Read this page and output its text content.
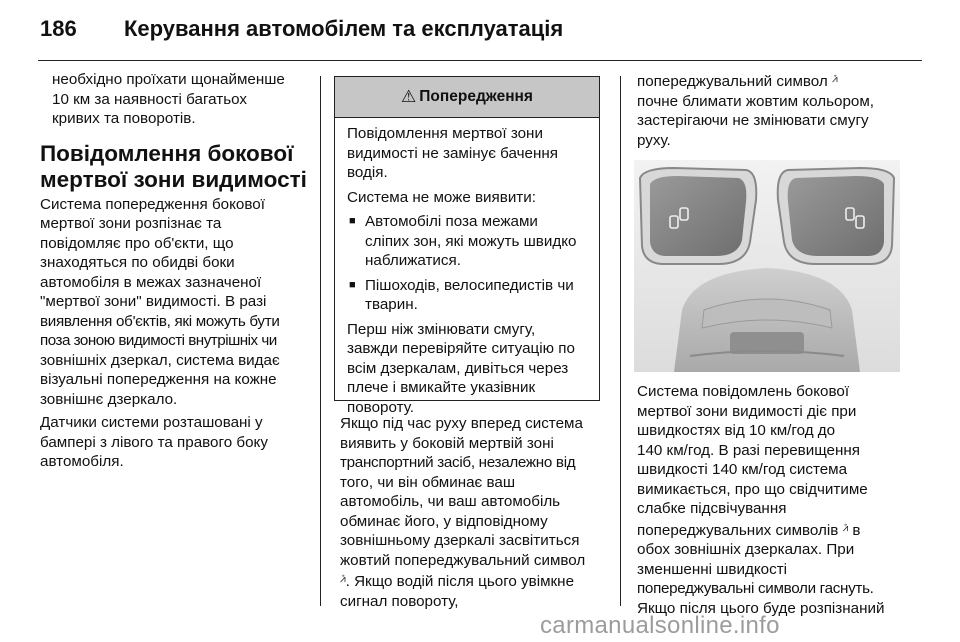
186	Керування автомобілем та експлуатація

необхідно проїхати щонайменше

10 км за наявності багатьох

кривих та поворотів.

Повідомлення бокової
мертвої зони видимості

Система попередження бокової

мертвої зони розпізнає та

повідомляє про об'єкти, що

знаходяться по обидві боки

автомобіля в межах зазначеної

"мертвої зони" видимості. В разі

виявлення об'єктів, які можуть бути

поза зоною видимості внутрішніх чи

зовнішніх дзеркал, система видає

візуальні попередження на кожне

зовнішнє дзеркало.

Датчики системи розташовані у

бампері з лівого та правого боку

автомобіля.

⚠ Попередження

Повідомлення мертвої зони
видимості не замінує бачення
водія.

Система не може виявити:

■ Автомобілі поза межами
сліпих зон, які можуть швидко
наближатися.
■ Пішоходів, велосипедистів чи
тварин.

Перш ніж змінювати смугу,
завжди перевіряйте ситуацію по
всім дзеркалам, дивіться через
плече і вмикайте указівник
повороту.

Якщо під час руху вперед система

виявить у боковій мертвій зоні

транспортний засіб, незалежно від

того, чи він обминає ваш

автомобіль, чи ваш автомобіль

обминає його, у відповідному

зовнішньому дзеркалі засвітиться

жовтий попереджувальний символ

⩘⃰. Якщо водій після цього увімкне

сигнал повороту,

попереджувальний символ ⩘⃰

почне блимати жовтим кольором,

застерігаючи не змінювати смугу

руху.

Система повідомлень бокової

мертвої зони видимості діє при

швидкостях від 10 км/год до

140 км/год. В разі перевищення

швидкості 140 км/год система

вимикається, про що свідчитиме

слабке підсвічування

попереджувальних символів ⩘⃰ в

обох зовнішніх дзеркалах. При

зменшенні швидкості

попереджувальні символи гаснуть.

Якщо після цього буде розпізнаний

carmanualsonline.info
